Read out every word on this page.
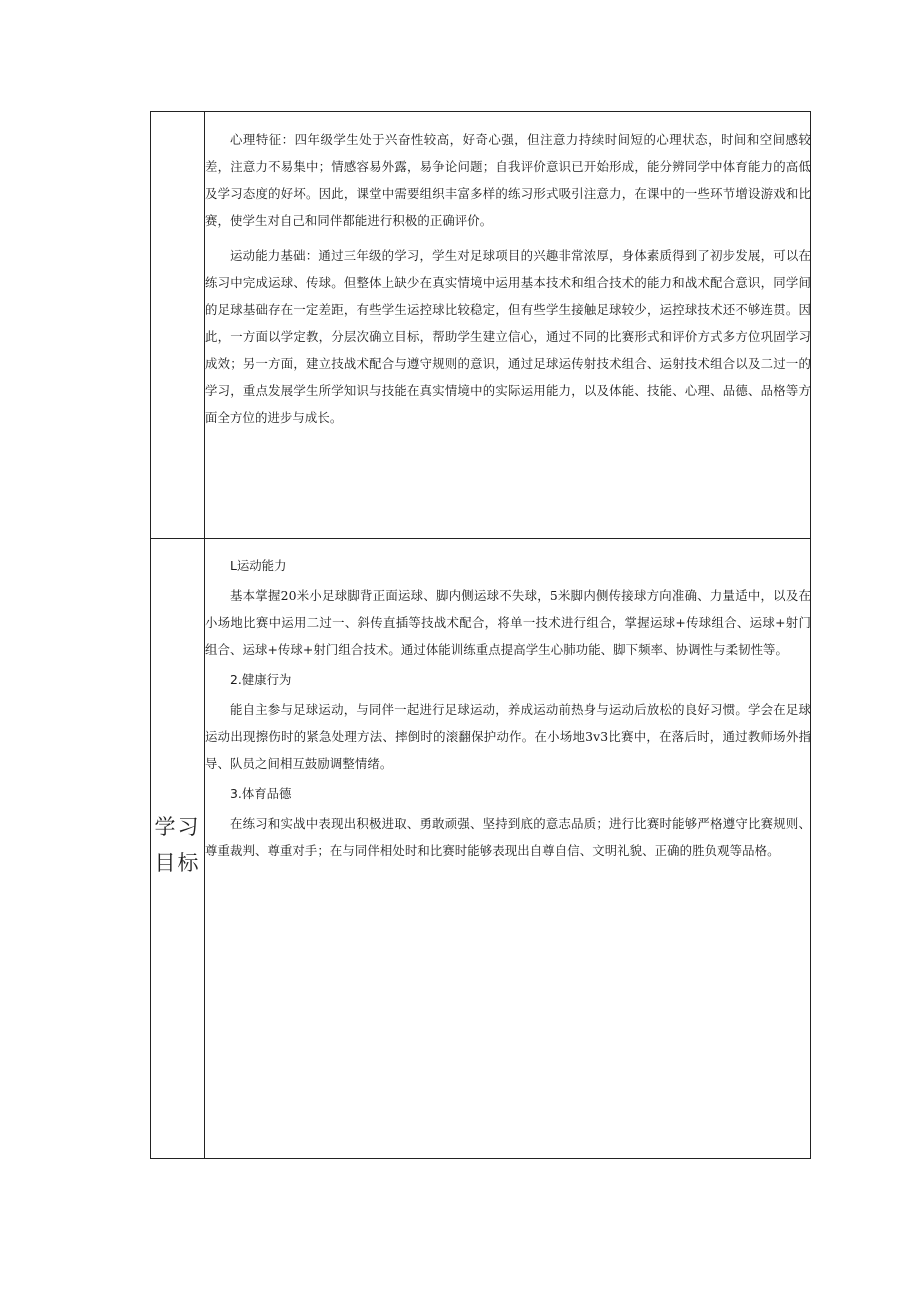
心理特征：四年级学生处于兴奋性较高，好奇心强，但注意力持续时间短的心理状态，时间和空间感较差，注意力不易集中；情感容易外露，易争论问题；自我评价意识已开始形成，能分辨同学中体育能力的高低及学习态度的好坏。因此，课堂中需要组织丰富多样的练习形式吸引注意力，在课中的一些环节增设游戏和比赛，使学生对自己和同伴都能进行积极的正确评价。

运动能力基础：通过三年级的学习，学生对足球项目的兴趣非常浓厚，身体素质得到了初步发展，可以在练习中完成运球、传球。但整体上缺少在真实情境中运用基本技术和组合技术的能力和战术配合意识，同学间的足球基础存在一定差距，有些学生运控球比较稳定，但有些学生接触足球较少，运控球技术还不够连贯。因此，一方面以学定教，分层次确立目标，帮助学生建立信心，通过不同的比赛形式和评价方式多方位巩固学习成效；另一方面，建立技战术配合与遵守规则的意识，通过足球运传射技术组合、运射技术组合以及二过一的学习，重点发展学生所学知识与技能在真实情境中的实际运用能力，以及体能、技能、心理、品德、品格等方面全方位的进步与成长。

学习
目标

L运动能力

基本掌握20米小足球脚背正面运球、脚内侧运球不失球，5米脚内侧传接球方向准确、力量适中，以及在小场地比赛中运用二过一、斜传直插等技战术配合，将单一技术进行组合，掌握运球+传球组合、运球+射门组合、运球+传球+射门组合技术。通过体能训练重点提高学生心肺功能、脚下频率、协调性与柔韧性等。

2.健康行为

能自主参与足球运动，与同伴一起进行足球运动，养成运动前热身与运动后放松的良好习惯。学会在足球运动出现擦伤时的紧急处理方法、摔倒时的滚翻保护动作。在小场地3v3比赛中，在落后时，通过教师场外指导、队员之间相互鼓励调整情绪。

3.体育品德

在练习和实战中表现出积极进取、勇敢顽强、坚持到底的意志品质；进行比赛时能够严格遵守比赛规则、尊重裁判、尊重对手；在与同伴相处时和比赛时能够表现出自尊自信、文明礼貌、正确的胜负观等品格。
